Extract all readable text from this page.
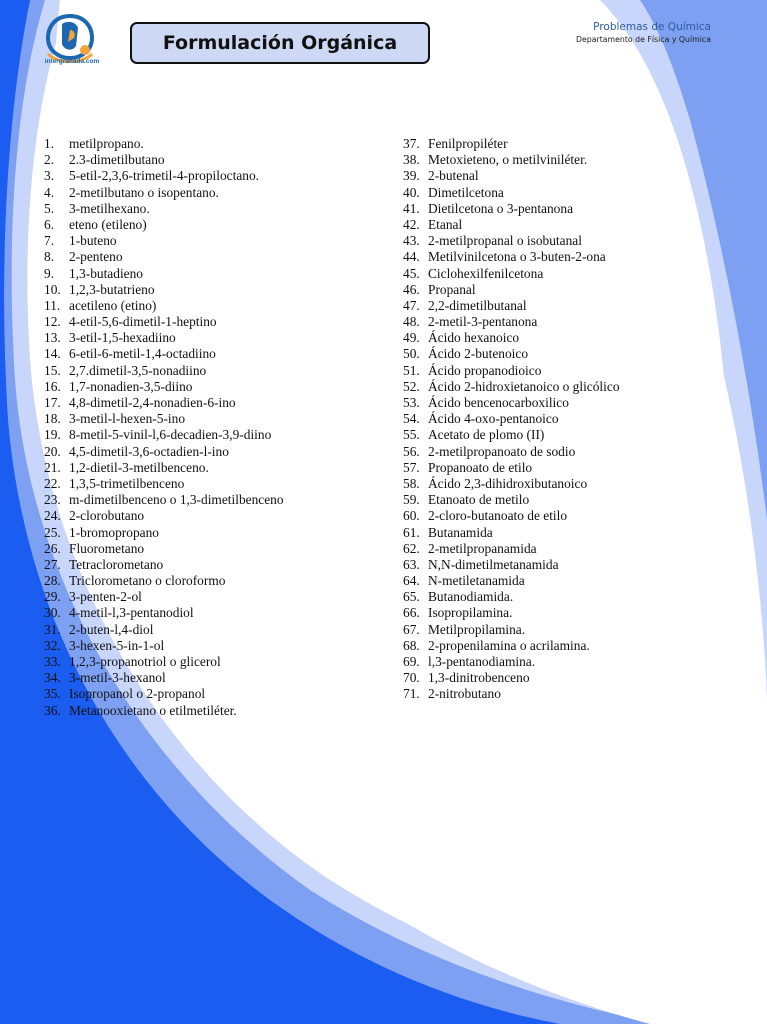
intergranada.com
Formulación Orgánica
Problemas de Química
Departamento de Física y Química
1.	metilpropano.
2.	2.3-dimetilbutano
3.	5-etil-2,3,6-trimetil-4-propiloctano.
4.	2-metilbutano o isopentano.
5.	3-metilhexano.
6.	eteno (etileno)
7.	1-buteno
8.	2-penteno
9.	1,3-butadieno
10. 1,2,3-butatrieno
11. acetileno (etino)
12. 4-etil-5,6-dimetil-1-heptino
13. 3-etil-1,5-hexadiino
14. 6-etil-6-metil-1,4-octadiino
15. 2,7.dimetil-3,5-nonadiino
16. 1,7-nonadien-3,5-diino
17. 4,8-dimetil-2,4-nonadien-6-ino
18. 3-metil-l-hexen-5-ino
19. 8-metil-5-vinil-l,6-decadien-3,9-diino
20. 4,5-dimetil-3,6-octadien-l-ino
21. 1,2-dietil-3-metilbenceno.
22. 1,3,5-trimetilbenceno
23. m-dimetilbenceno o 1,3-dimetilbenceno
24. 2-clorobutano
25. 1-bromopropano
26. Fluorometano
27. Tetraclorometano
28. Triclorometano o cloroformo
29. 3-penten-2-ol
30. 4-metil-l,3-pentanodiol
31. 2-buten-l,4-diol
32. 3-hexen-5-in-1-ol
33. 1,2,3-propanotriol o glicerol
34. 3-metil-3-hexanol
35. Isopropanol o 2-propanol
36. Metanooxietano o etilmetiléter.
37. Fenilpropiléter
38. Metoxieteno, o metilviniléter.
39. 2-butenal
40. Dimetilcetona
41. Dietilcetona o 3-pentanona
42. Etanal
43. 2-metilpropanal o isobutanal
44. Metilvinilcetona o 3-buten-2-ona
45. Ciclohexilfenilcetona
46. Propanal
47. 2,2-dimetilbutanal
48. 2-metil-3-pentanona
49. Ácido hexanoico
50. Ácido 2-butenoico
51. Ácido propanodioico
52. Ácido 2-hidroxietanoico o glicólico
53. Ácido bencenocarboxilico
54. Ácido 4-oxo-pentanoico
55. Acetato de plomo (II)
56. 2-metilpropanoato de sodio
57. Propanoato de etilo
58. Ácido 2,3-dihidroxibutanoico
59. Etanoato de metilo
60. 2-cloro-butanoato de etilo
61. Butanamida
62. 2-metilpropanamida
63. N,N-dimetilmetanamida
64. N-metiletanamida
65. Butanodiamida.
66. Isopropilamina.
67. Metilpropilamina.
68. 2-propenilamina o acrilamina.
69. l,3-pentanodiamina.
70. 1,3-dinitrobenceno
71. 2-nitrobutano
